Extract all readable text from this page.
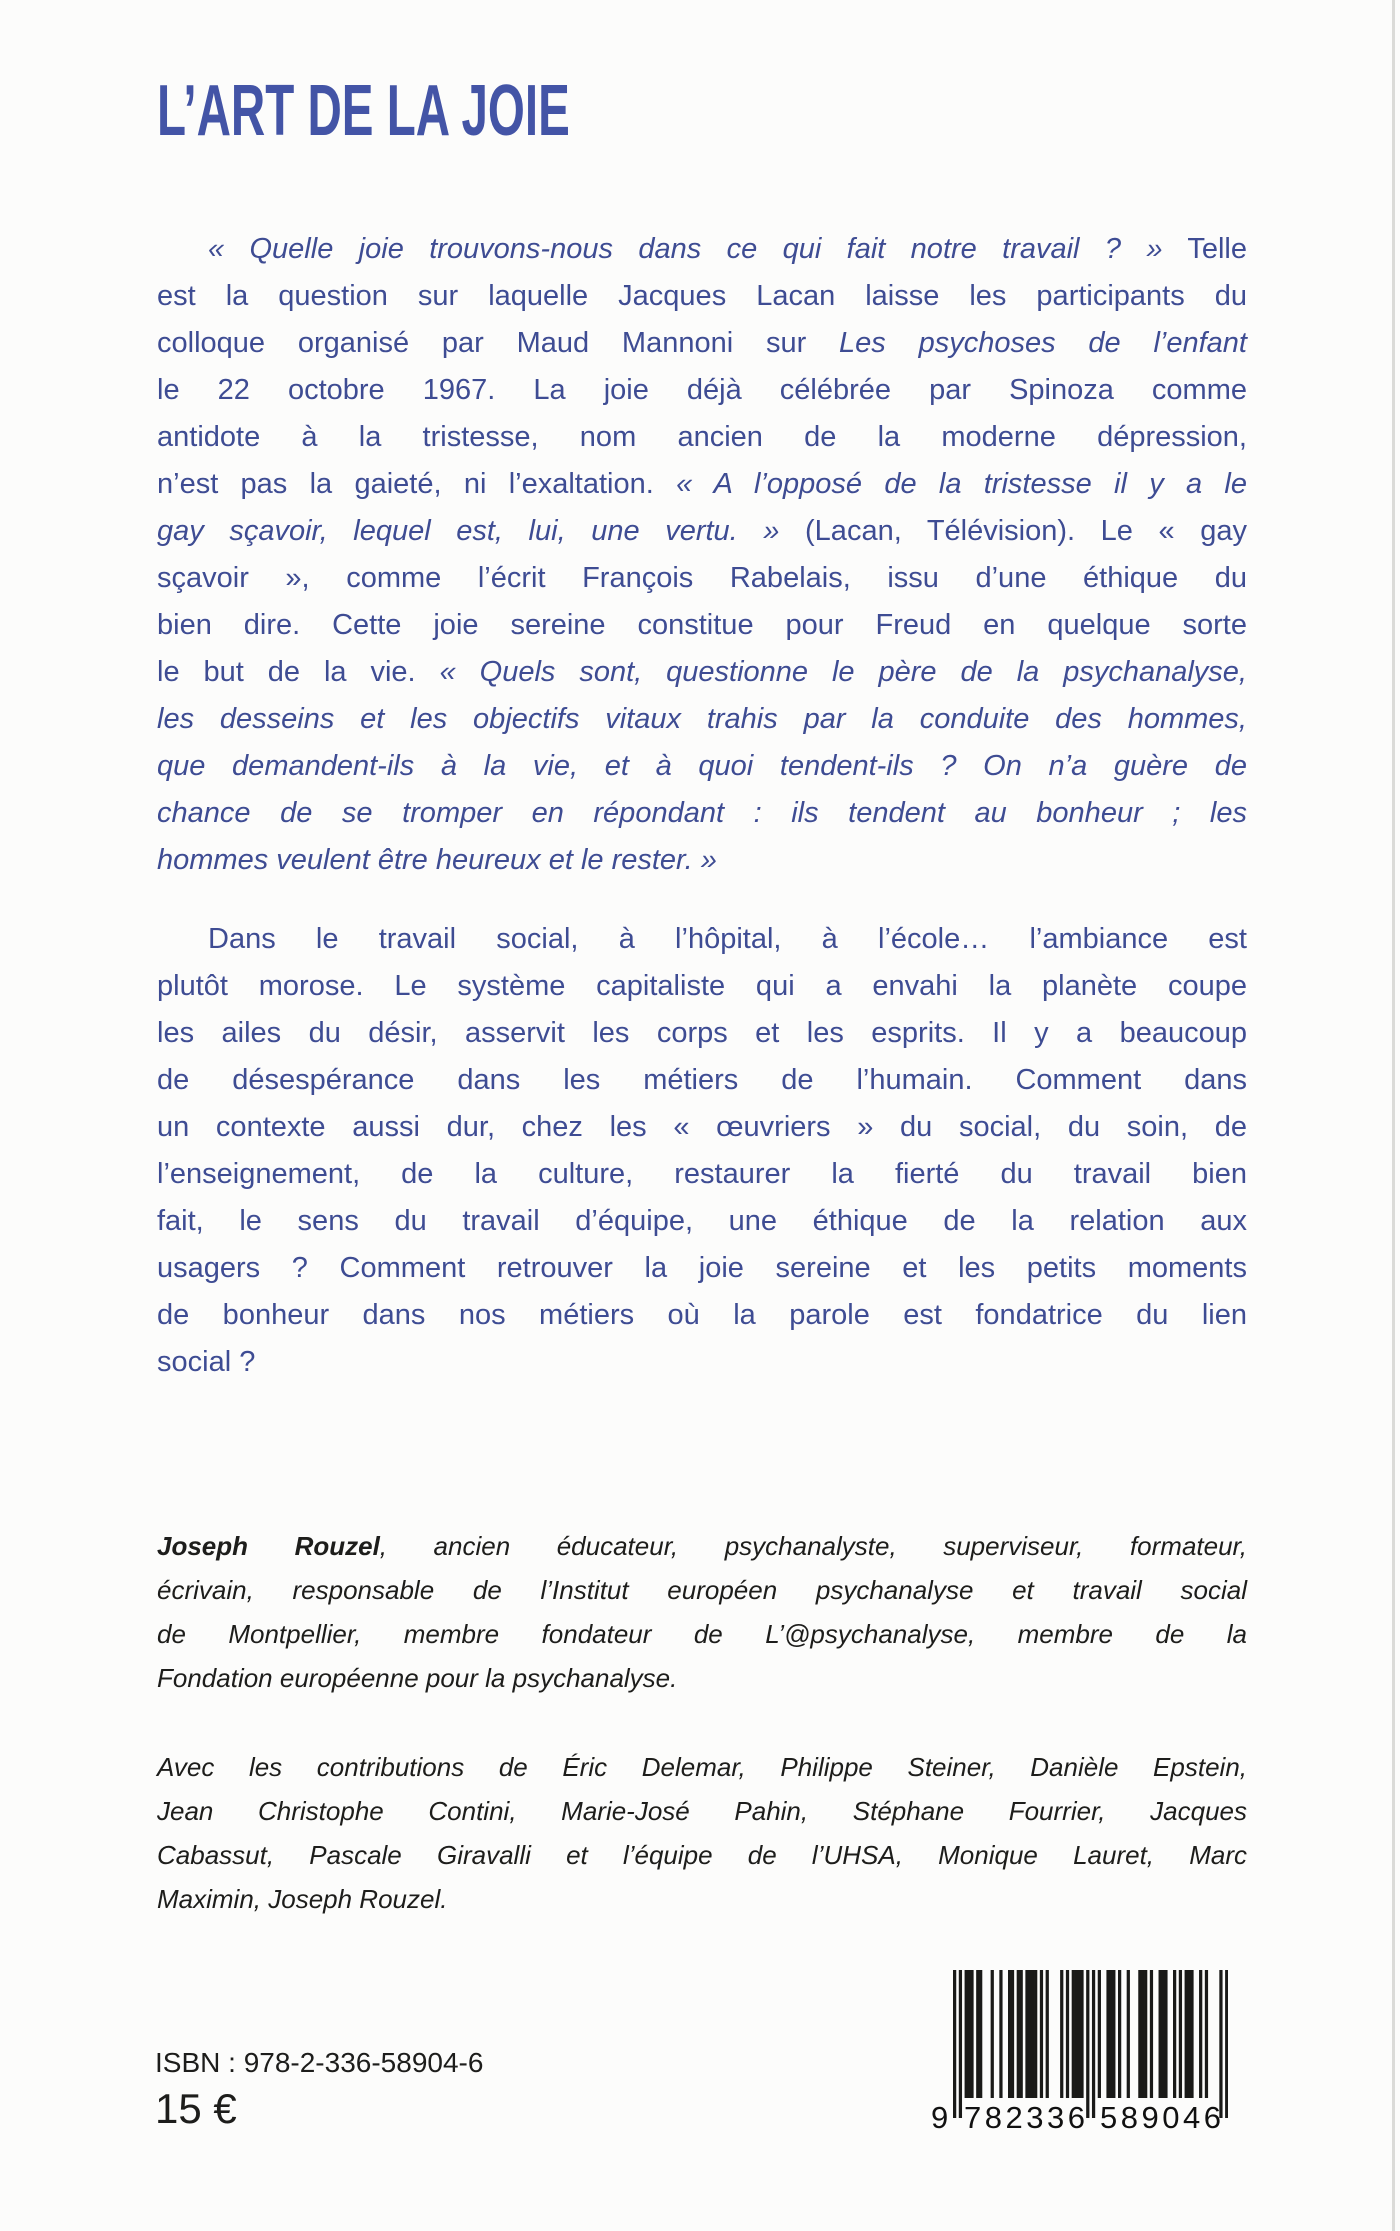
L’ART DE LA JOIE
« Quelle joie trouvons-nous dans ce qui fait notre travail ? » Telle
est la question sur laquelle Jacques Lacan laisse les participants du
colloque organisé par Maud Mannoni sur Les psychoses de l’enfant
le 22 octobre 1967. La joie déjà célébrée par Spinoza comme
antidote à la tristesse, nom ancien de la moderne dépression,
n’est pas la gaieté, ni l’exaltation. « A l’opposé de la tristesse il y a le
gay sçavoir, lequel est, lui, une vertu. » (Lacan, Télévision). Le « gay
sçavoir », comme l’écrit François Rabelais, issu d’une éthique du
bien dire. Cette joie sereine constitue pour Freud en quelque sorte
le but de la vie. « Quels sont, questionne le père de la psychanalyse,
les desseins et les objectifs vitaux trahis par la conduite des hommes,
que demandent-ils à la vie, et à quoi tendent-ils ? On n’a guère de
chance de se tromper en répondant : ils tendent au bonheur ; les
hommes veulent être heureux et le rester. »
Dans le travail social, à l’hôpital, à l’école… l’ambiance est
plutôt morose. Le système capitaliste qui a envahi la planète coupe
les ailes du désir, asservit les corps et les esprits. Il y a beaucoup
de désespérance dans les métiers de l’humain. Comment dans
un contexte aussi dur, chez les « œuvriers » du social, du soin, de
l’enseignement, de la culture, restaurer la fierté du travail bien
fait, le sens du travail d’équipe, une éthique de la relation aux
usagers ? Comment retrouver la joie sereine et les petits moments
de bonheur dans nos métiers où la parole est fondatrice du lien
social ?
Joseph Rouzel, ancien éducateur, psychanalyste, superviseur, formateur,
écrivain, responsable de l’Institut européen psychanalyse et travail social
de Montpellier, membre fondateur de L’@psychanalyse, membre de la
Fondation européenne pour la psychanalyse.
Avec les contributions de Éric Delemar, Philippe Steiner, Danièle Epstein,
Jean Christophe Contini, Marie-José Pahin, Stéphane Fourrier, Jacques
Cabassut, Pascale Giravalli et l’équipe de l’UHSA, Monique Lauret, Marc
Maximin, Joseph Rouzel.
ISBN : 978-2-336-58904-6
15 €	9 782336 589046
